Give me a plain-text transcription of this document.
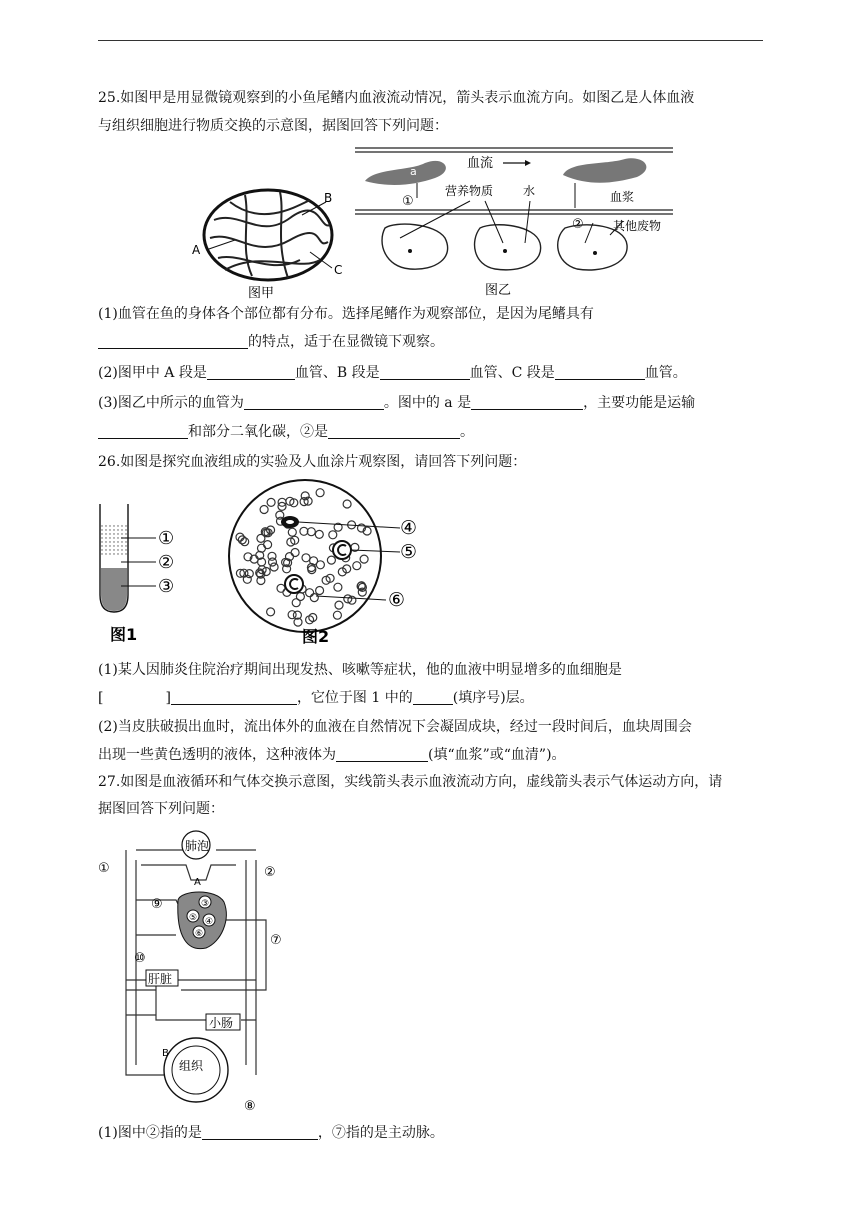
25.如图甲是用显微镜观察到的小鱼尾鳍内血液流动情况，箭头表示血流方向。如图乙是人体血液
与组织细胞进行物质交换的示意图，据图回答下列问题：
B
A
C
图甲
a
血流
营养物质 水	血浆
其他废物
①
②
图乙
(1)血管在鱼的身体各个部位都有分布。选择尾鳍作为观察部位，是因为尾鳍具有
的特点，适于在显微镜下观察。
(2)图甲中 A 段是	血管、B 段是	血管、C 段是	血管。
(3)图乙中所示的血管为	。图中的 a 是	，主要功能是运输
和部分二氧化碳，②是	。
26.如图是探究血液组成的实验及人血涂片观察图，请回答下列问题：
①
②
③
图1
④
⑤
⑥
图2
(1)某人因肺炎住院治疗期间出现发热、咳嗽等症状，他的血液中明显增多的血细胞是
[	]	，它位于图 1 中的	(填序号)层。
(2)当皮肤破损出血时，流出体外的血液在自然情况下会凝固成块，经过一段时间后，血块周围会
出现一些黄色透明的液体，这种液体为	(填“血浆”或“血清”)。
27.如图是血液循环和气体交换示意图，实线箭头表示血液流动方向，虚线箭头表示气体运动方向，请
据图回答下列问题：
肺泡
③
⑤ ④
⑥
肝脏
小肠
组织
A
B
①	②
⑨
⑦
⑩
⑧
(1)图中②指的是	，⑦指的是主动脉。
